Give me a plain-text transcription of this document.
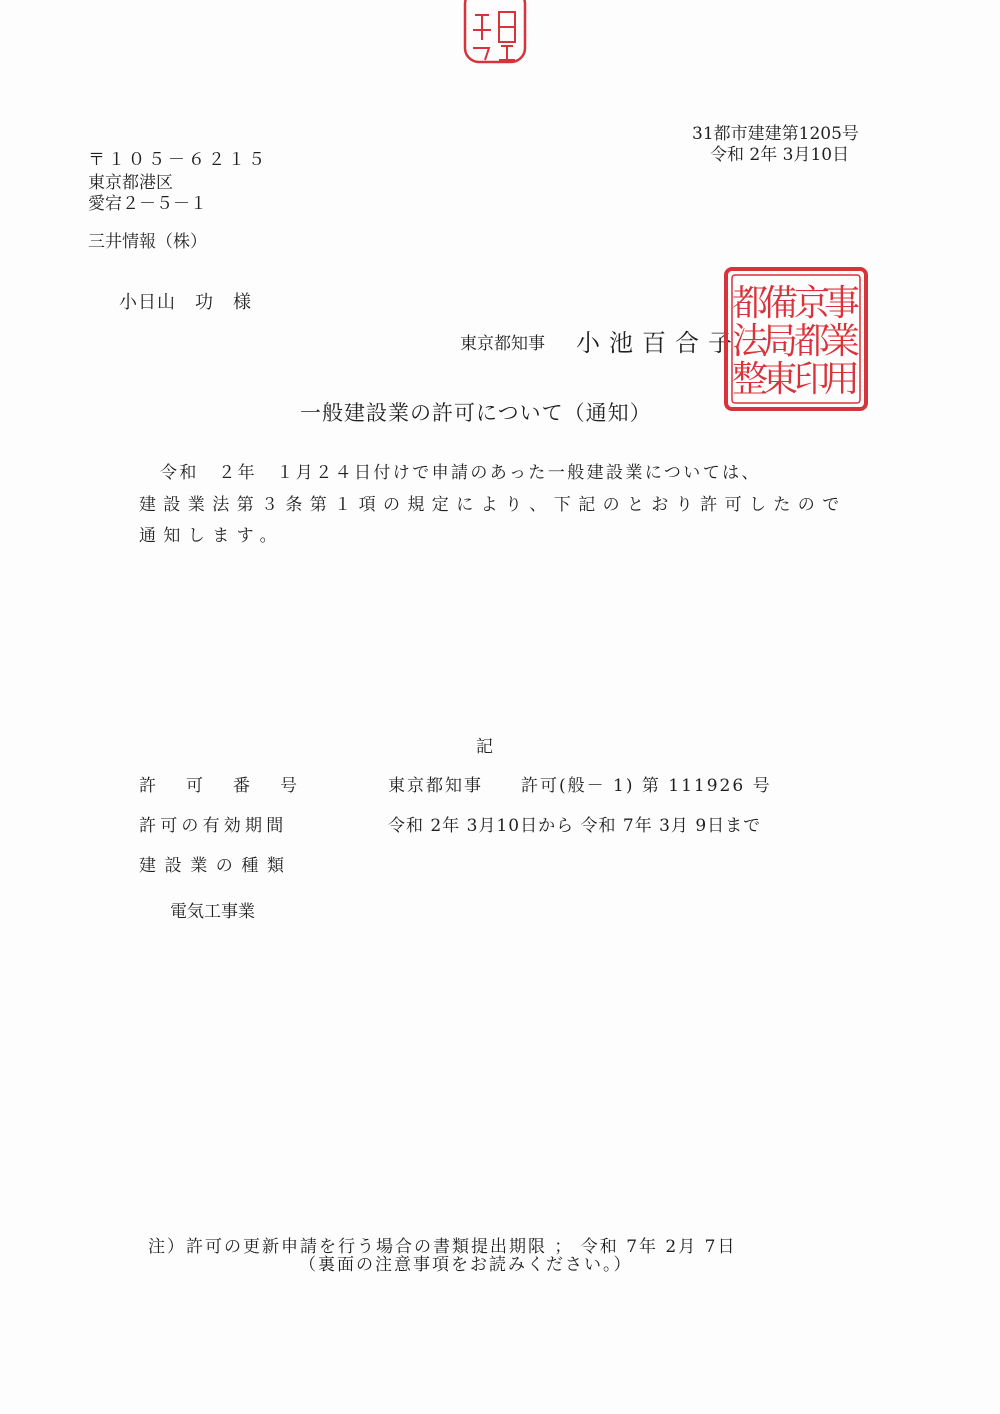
31都市建建第1205号
令和 2年 3月10日
〒１０５－６２１５
東京都港区
愛宕２－５－１
三井情報（株）
小日山　功　様
東京都知事 小池百合子
都
法
整
備
局
東
京
都
印
事
業
用
一般建設業の許可について（通知）
令和　２年　１月２４日付けで申請のあった一般建設業については、
建設業法第３条第１項の規定により、下記のとおり許可したので
通知します。
記
許可番号	東京都知事　　許可(般－ 1) 第 111926 号
許可の有効期間	令和 2年 3月10日から 令和 7年 3月 9日まで
建設業の種類
電気工事業
注）許可の更新申請を行う場合の書類提出期限 ； 令和 7年 2月 7日
（裏面の注意事項をお読みください。）
